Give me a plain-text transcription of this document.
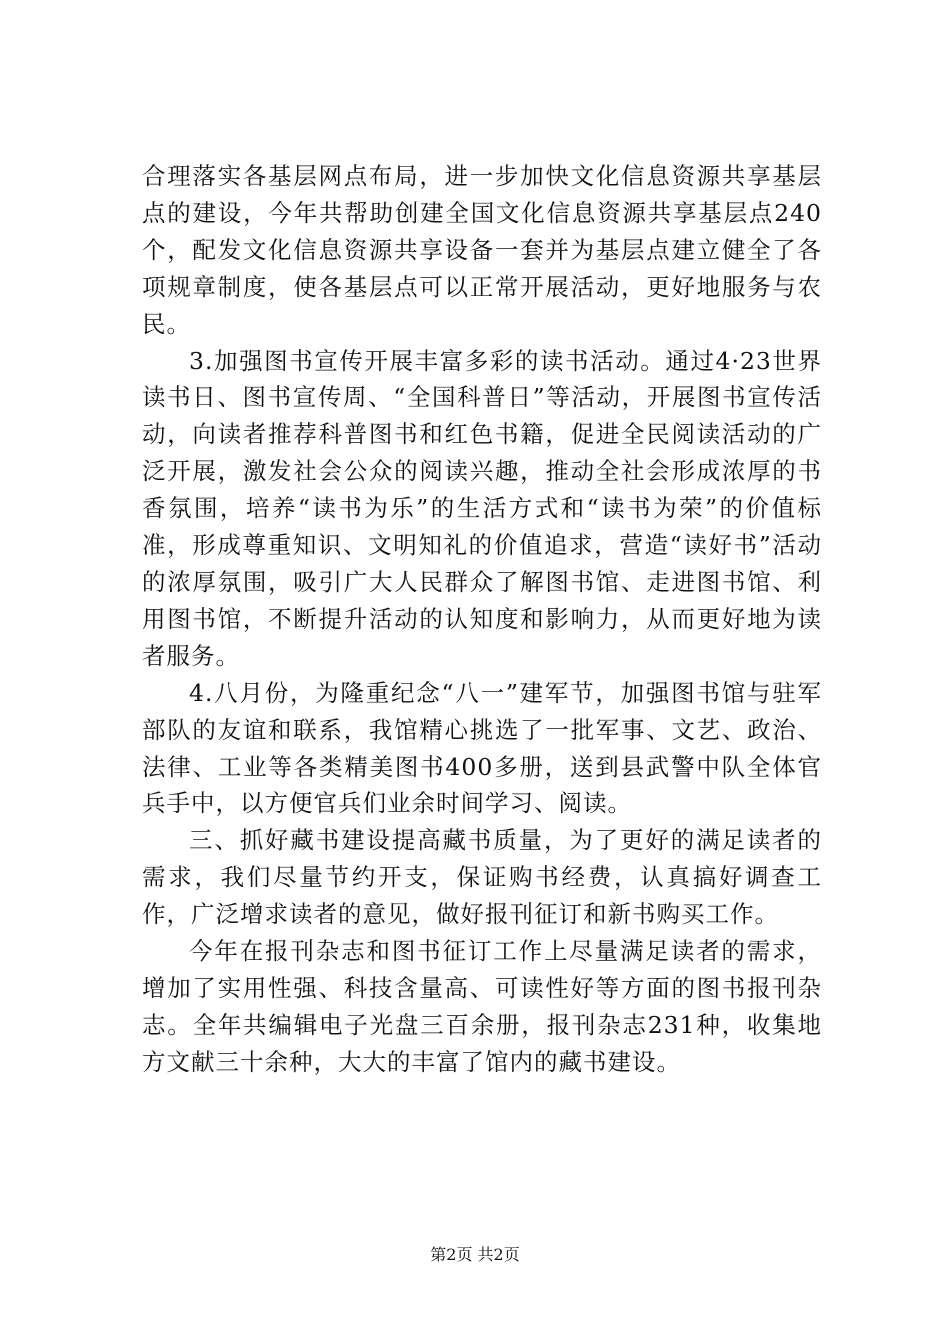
合理落实各基层网点布局，进一步加快文化信息资源共享基层点的建设，今年共帮助创建全国文化信息资源共享基层点240个，配发文化信息资源共享设备一套并为基层点建立健全了各项规章制度，使各基层点可以正常开展活动，更好地服务与农民。

3.加强图书宣传开展丰富多彩的读书活动。通过4·23世界读书日、图书宣传周、“全国科普日”等活动，开展图书宣传活动，向读者推荐科普图书和红色书籍，促进全民阅读活动的广泛开展，激发社会公众的阅读兴趣，推动全社会形成浓厚的书香氛围，培养“读书为乐”的生活方式和“读书为荣”的价值标准，形成尊重知识、文明知礼的价值追求，营造“读好书”活动的浓厚氛围，吸引广大人民群众了解图书馆、走进图书馆、利用图书馆，不断提升活动的认知度和影响力，从而更好地为读者服务。

4.八月份，为隆重纪念“八一”建军节，加强图书馆与驻军部队的友谊和联系，我馆精心挑选了一批军事、文艺、政治、法律、工业等各类精美图书400多册，送到县武警中队全体官兵手中，以方便官兵们业余时间学习、阅读。

三、抓好藏书建设提高藏书质量，为了更好的满足读者的需求，我们尽量节约开支，保证购书经费，认真搞好调查工作，广泛增求读者的意见，做好报刊征订和新书购买工作。

今年在报刊杂志和图书征订工作上尽量满足读者的需求，增加了实用性强、科技含量高、可读性好等方面的图书报刊杂志。全年共编辑电子光盘三百余册，报刊杂志231种，收集地方文献三十余种，大大的丰富了馆内的藏书建设。

第2页 共2页
